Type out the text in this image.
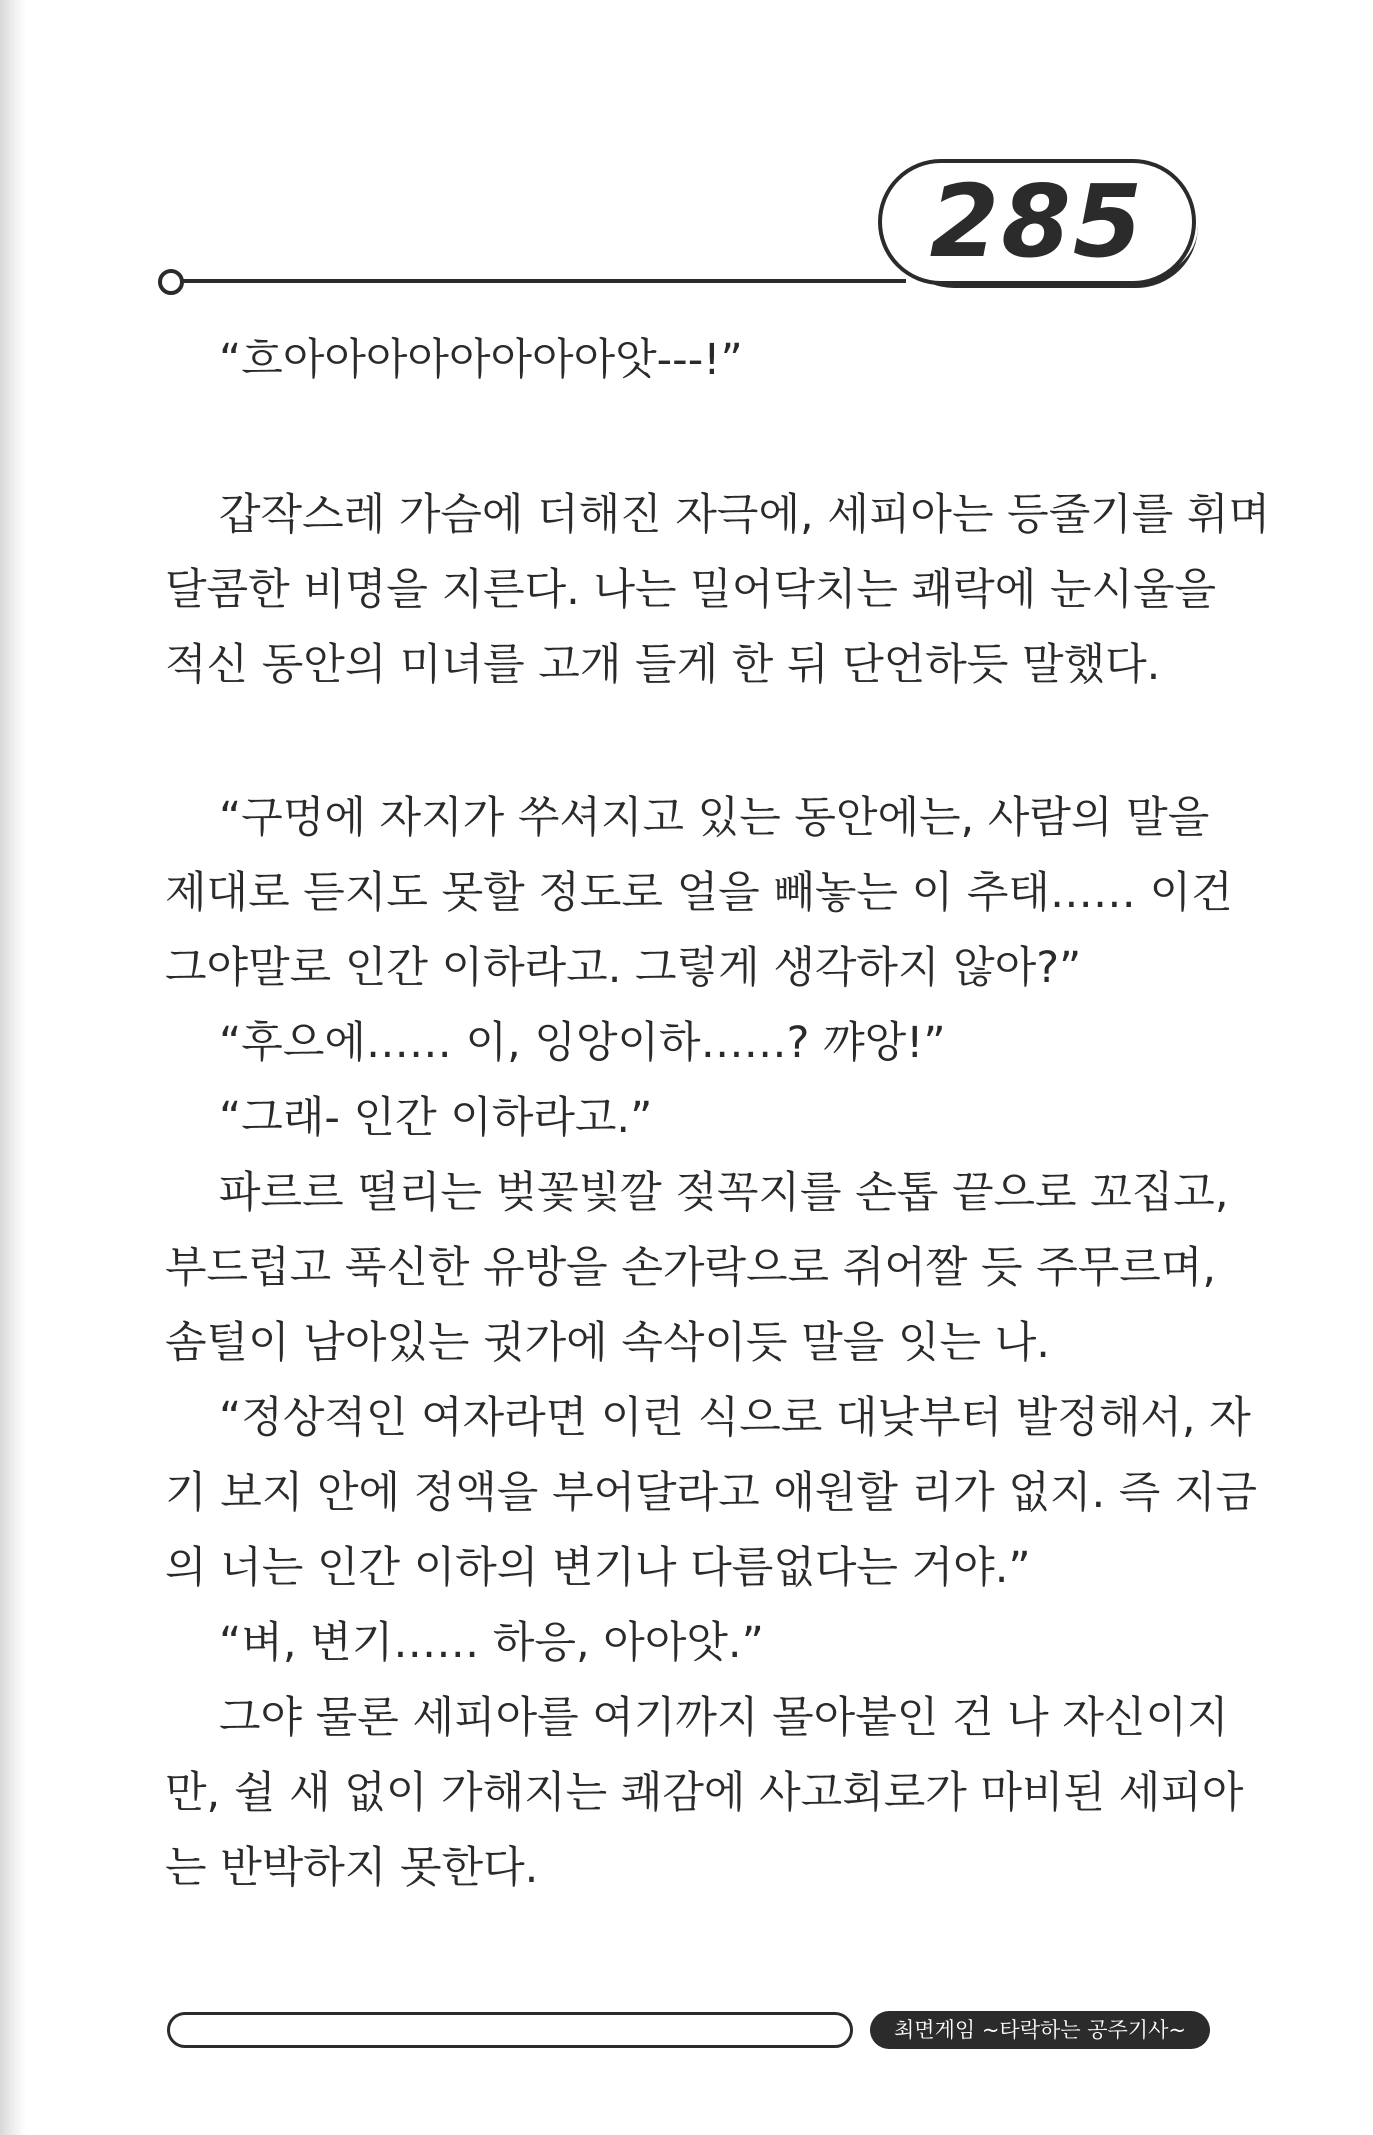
285
“흐아아아아아아아아앗---!”
갑작스레 가슴에 더해진 자극에, 세피아는 등줄기를 휘며
달콤한 비명을 지른다. 나는 밀어닥치는 쾌락에 눈시울을
적신 동안의 미녀를 고개 들게 한 뒤 단언하듯 말했다.
“구멍에 자지가 쑤셔지고 있는 동안에는, 사람의 말을
제대로 듣지도 못할 정도로 얼을 빼놓는 이 추태…… 이건
그야말로 인간 이하라고. 그렇게 생각하지 않아?”
“후으에…… 이, 잉앙이하……? 꺄앙!”
“그래- 인간 이하라고.”
파르르 떨리는 벚꽃빛깔 젖꼭지를 손톱 끝으로 꼬집고,
부드럽고 푹신한 유방을 손가락으로 쥐어짤 듯 주무르며,
솜털이 남아있는 귓가에 속삭이듯 말을 잇는 나.
“정상적인 여자라면 이런 식으로 대낮부터 발정해서, 자
기 보지 안에 정액을 부어달라고 애원할 리가 없지. 즉 지금
의 너는 인간 이하의 변기나 다름없다는 거야.”
“벼, 변기…… 하응, 아아앗.”
그야 물론 세피아를 여기까지 몰아붙인 건 나 자신이지
만, 쉴 새 없이 가해지는 쾌감에 사고회로가 마비된 세피아
는 반박하지 못한다.
최면게임 ~타락하는 공주기사~
